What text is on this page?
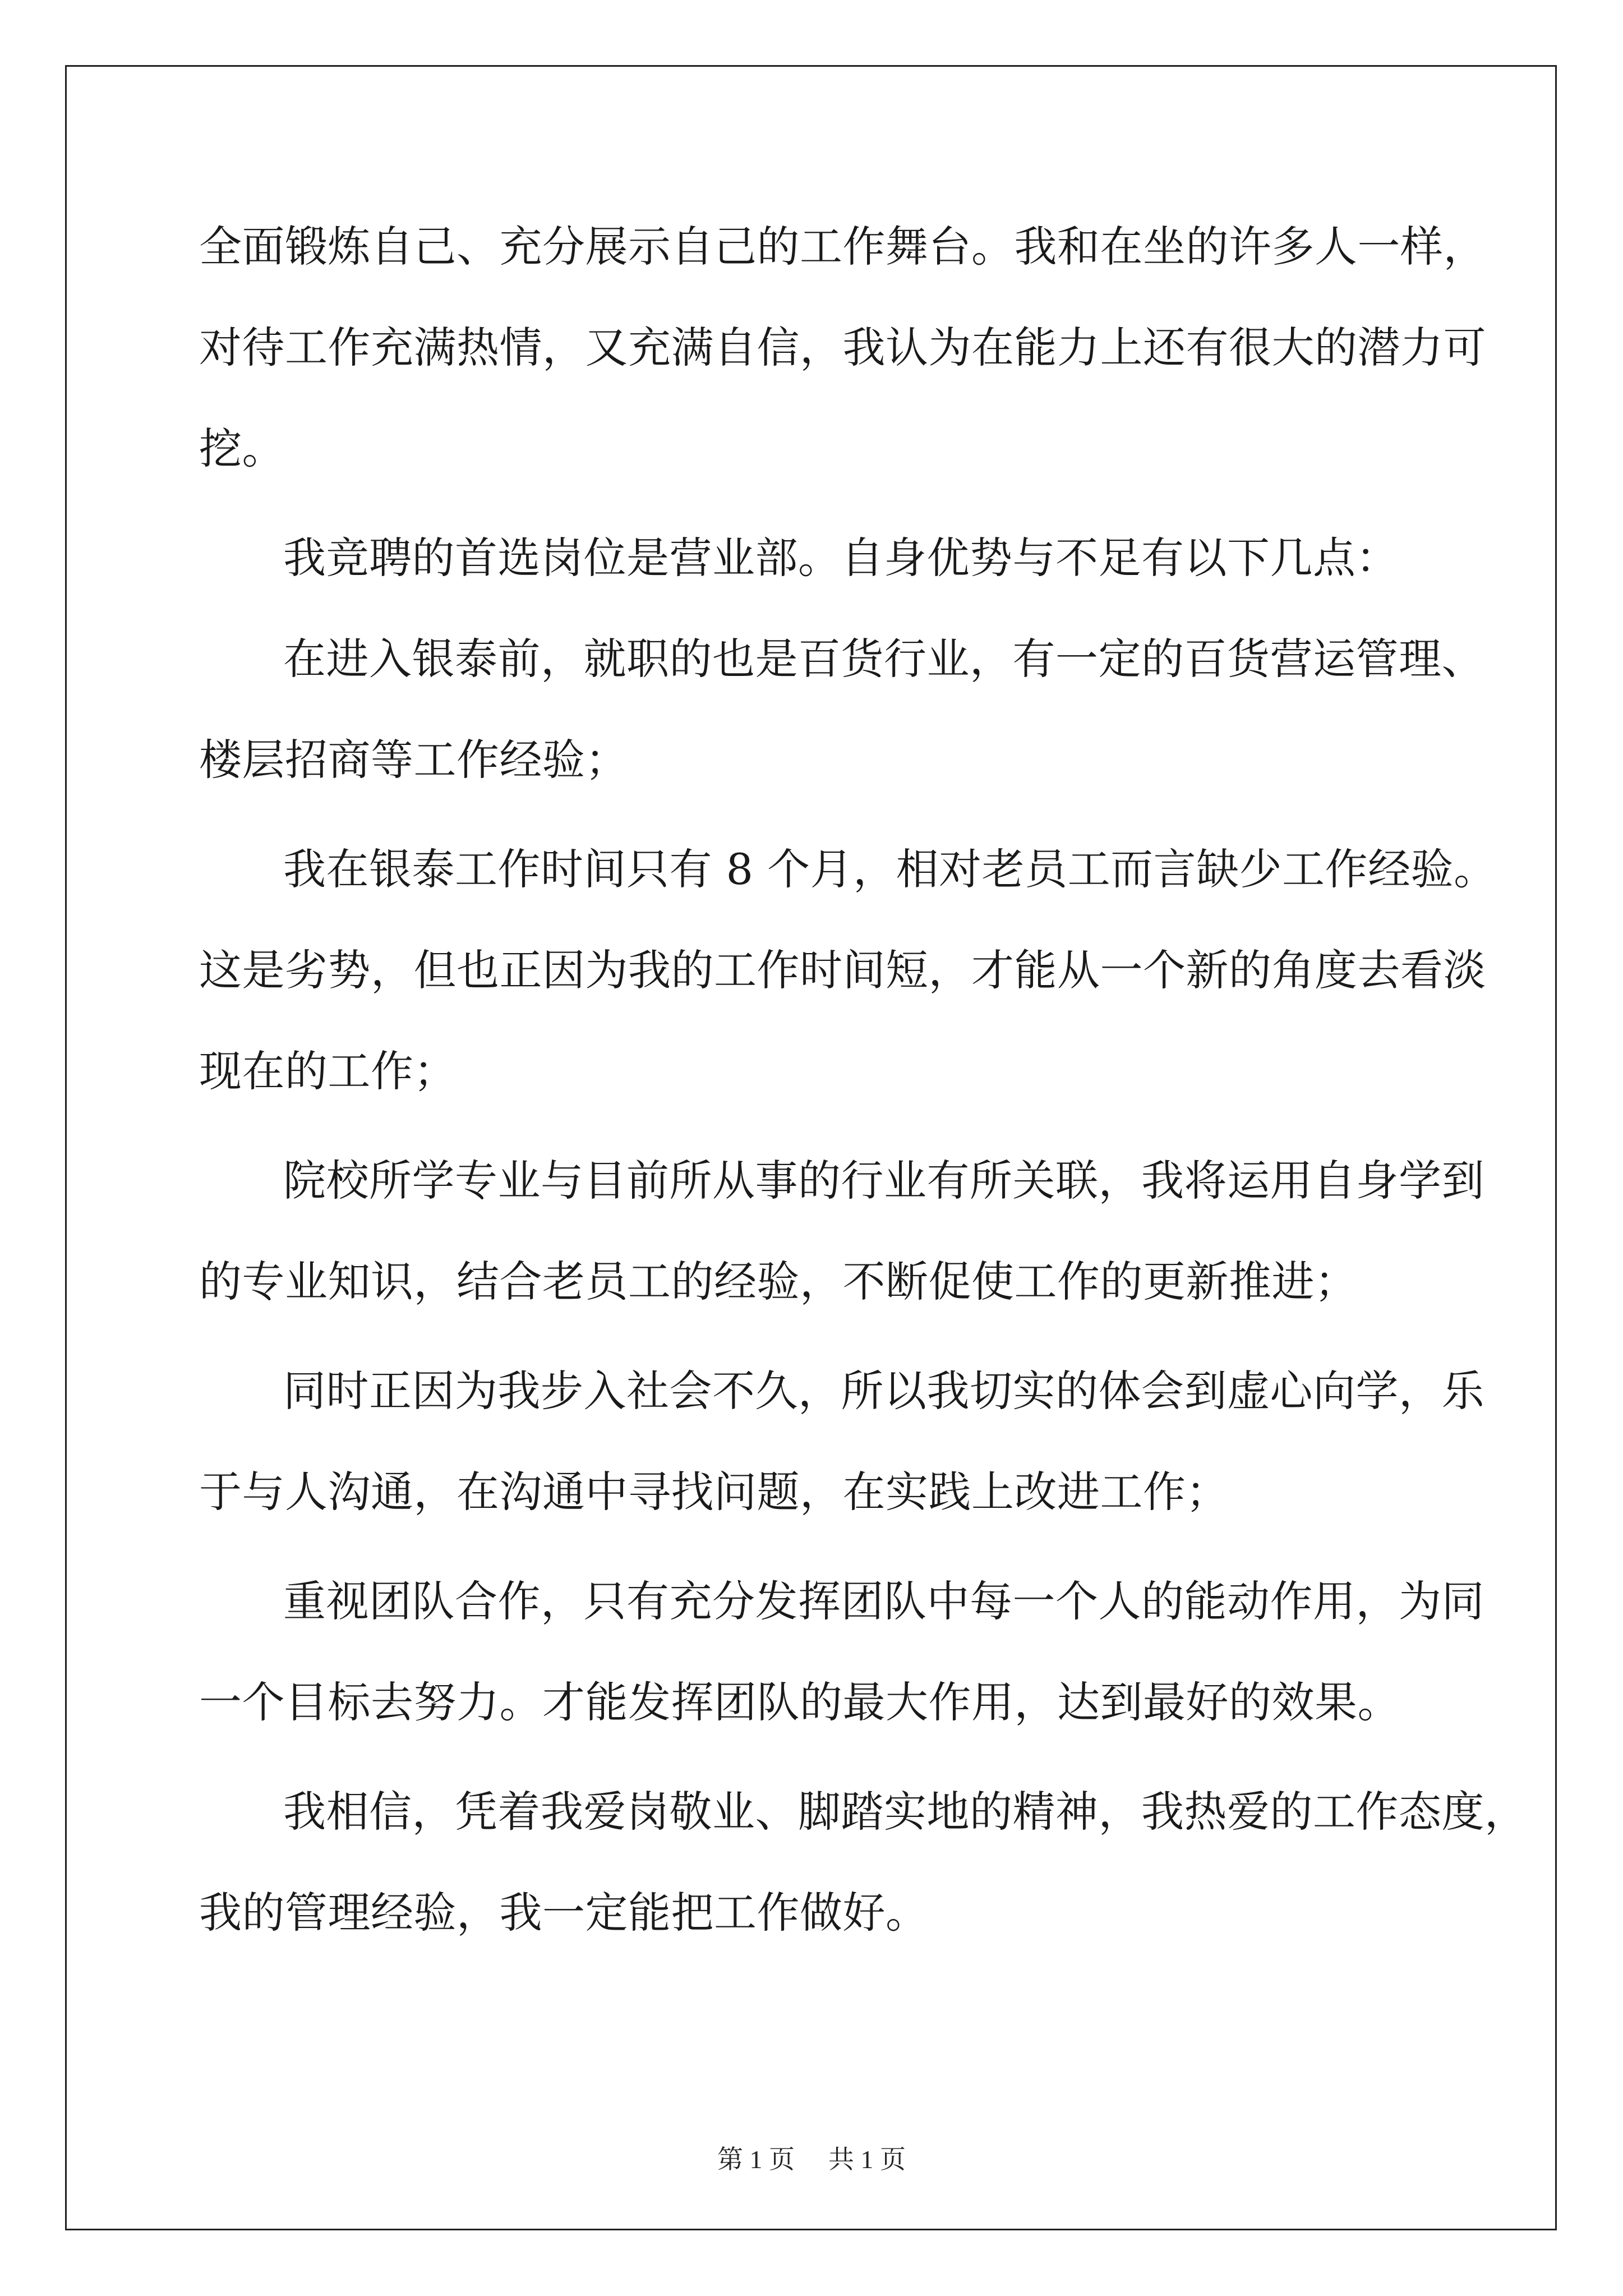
全面锻炼自己、充分展示自己的工作舞台。我和在坐的许多人一样，
对待工作充满热情，又充满自信，我认为在能力上还有很大的潜力可
挖。
我竞聘的首选岗位是营业部。自身优势与不足有以下几点：
在进入银泰前，就职的也是百货行业，有一定的百货营运管理、
楼层招商等工作经验；
我在银泰工作时间只有 8 个月，相对老员工而言缺少工作经验。
这是劣势，但也正因为我的工作时间短，才能从一个新的角度去看淡
现在的工作；
院校所学专业与目前所从事的行业有所关联，我将运用自身学到
的专业知识，结合老员工的经验，不断促使工作的更新推进；
同时正因为我步入社会不久，所以我切实的体会到虚心向学，乐
于与人沟通，在沟通中寻找问题，在实践上改进工作；
重视团队合作，只有充分发挥团队中每一个人的能动作用，为同
一个目标去努力。才能发挥团队的最大作用，达到最好的效果。
我相信，凭着我爱岗敬业、脚踏实地的精神，我热爱的工作态度，
我的管理经验，我一定能把工作做好。
第 1 页 共 1 页
